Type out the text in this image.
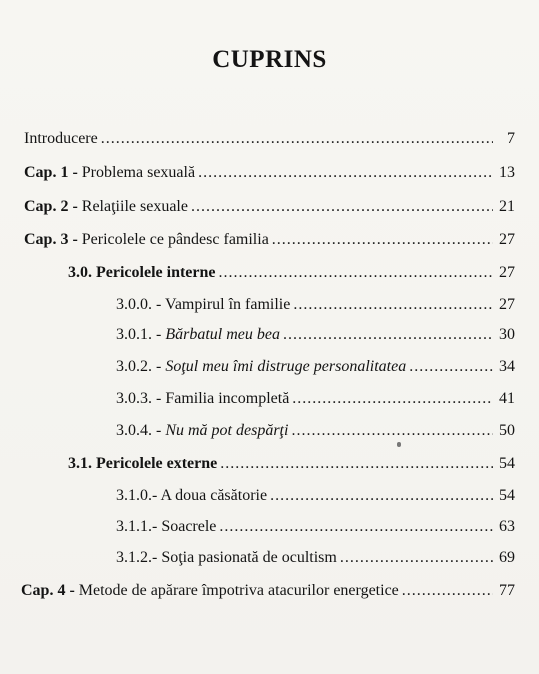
CUPRINS
Introducere .....	7
Cap. 1 - Problema sexuală .....	13
Cap. 2 - Relaţiile sexuale .....	21
Cap. 3 - Pericolele ce pândesc familia .....	27
3.0. Pericolele interne .....	27
3.0.0. - Vampirul în familie .....	27
3.0.1. - Bărbatul meu bea .....	30
3.0.2. - Soţul meu îmi distruge personalitatea .....	34
3.0.3. - Familia incompletă .....	41
3.0.4. - Nu mă pot despărţi .....	50
3.1. Pericolele externe .....	54
3.1.0.- A doua căsătorie .....	54
3.1.1.- Soacrele .....	63
3.1.2.- Soţia pasionată de ocultism .....	69
Cap. 4 - Metode de apărare împotriva atacurilor energetice .....	77
